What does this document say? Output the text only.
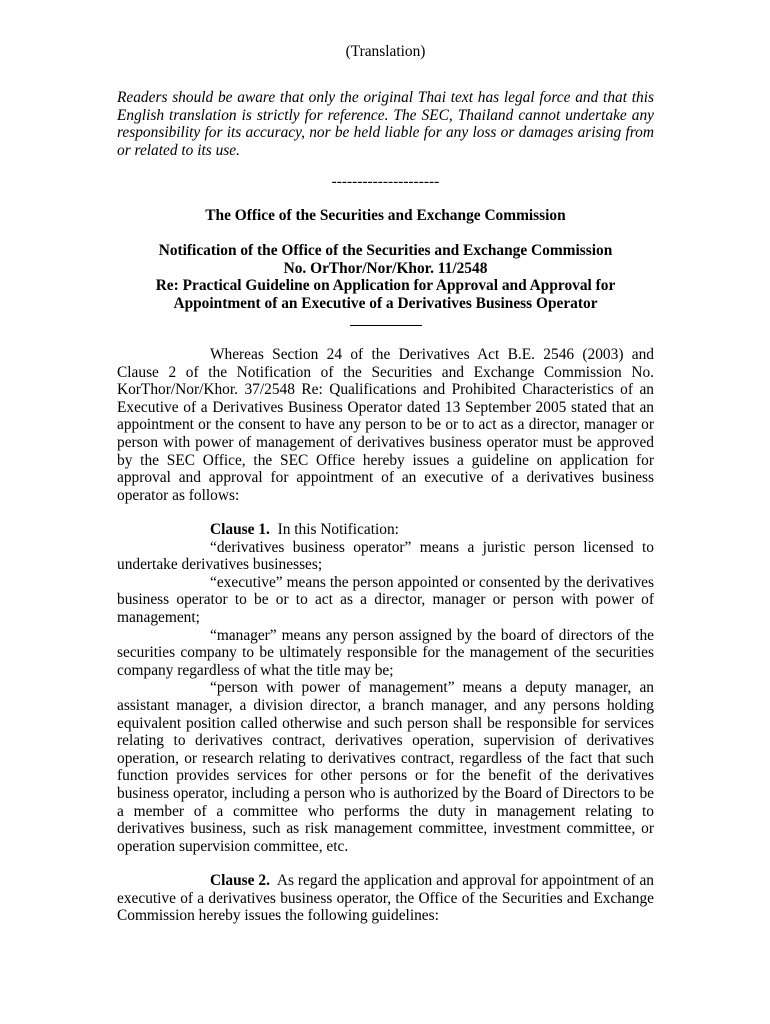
(Translation)

Readers should be aware that only the original Thai text has legal force and that this English translation is strictly for reference. The SEC, Thailand cannot undertake any responsibility for its accuracy, nor be held liable for any loss or damages arising from or related to its use.

---------------------

The Office of the Securities and Exchange Commission

Notification of the Office of the Securities and Exchange Commission

No. OrThor/Nor/Khor. 11/2548

Re: Practical Guideline on Application for Approval and Approval for

Appointment of an Executive of a Derivatives Business Operator

Whereas Section 24 of the Derivatives Act B.E. 2546 (2003) and Clause 2 of the Notification of the Securities and Exchange Commission No. KorThor/Nor/Khor. 37/2548 Re: Qualifications and Prohibited Characteristics of an Executive of a Derivatives Business Operator dated 13 September 2005 stated that an appointment or the consent to have any person to be or to act as a director, manager or person with power of management of derivatives business operator must be approved by the SEC Office, the SEC Office hereby issues a guideline on application for approval and approval for appointment of an executive of a derivatives business operator as follows:

Clause 1. In this Notification:

“derivatives business operator” means a juristic person licensed to undertake derivatives businesses;

“executive” means the person appointed or consented by the derivatives business operator to be or to act as a director, manager or person with power of management;

“manager” means any person assigned by the board of directors of the securities company to be ultimately responsible for the management of the securities company regardless of what the title may be;

“person with power of management” means a deputy manager, an assistant manager, a division director, a branch manager, and any persons holding equivalent position called otherwise and such person shall be responsible for services relating to derivatives contract, derivatives operation, supervision of derivatives operation, or research relating to derivatives contract, regardless of the fact that such function provides services for other persons or for the benefit of the derivatives business operator, including a person who is authorized by the Board of Directors to be a member of a committee who performs the duty in management relating to derivatives business, such as risk management committee, investment committee, or operation supervision committee, etc.

Clause 2. As regard the application and approval for appointment of an executive of a derivatives business operator, the Office of the Securities and Exchange Commission hereby issues the following guidelines:
